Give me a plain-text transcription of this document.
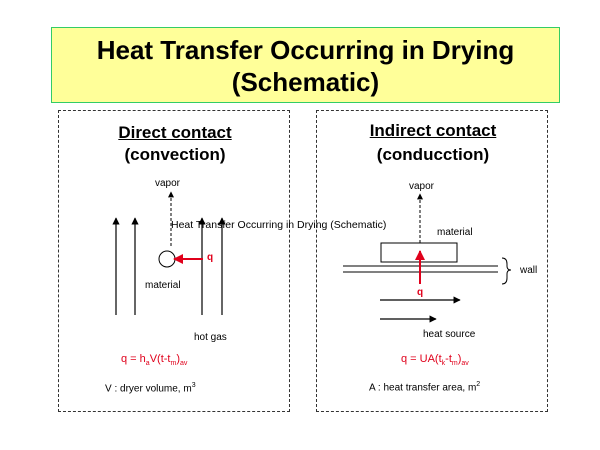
Heat Transfer Occurring in Drying
(Schematic)
Direct contact
(convection)
vapor
q
material
hot gas
$q = h_aV(t-t_m)_{av}$
V : dryer volume, $m^3$
Indirect contact
(conducction)
vapor
material
wall
q
heat source
$q = UA(t_k-t_m)_{av}$
A : heat transfer area, $m^2$
Heat Transfer Occurring in Drying (Schematic)
